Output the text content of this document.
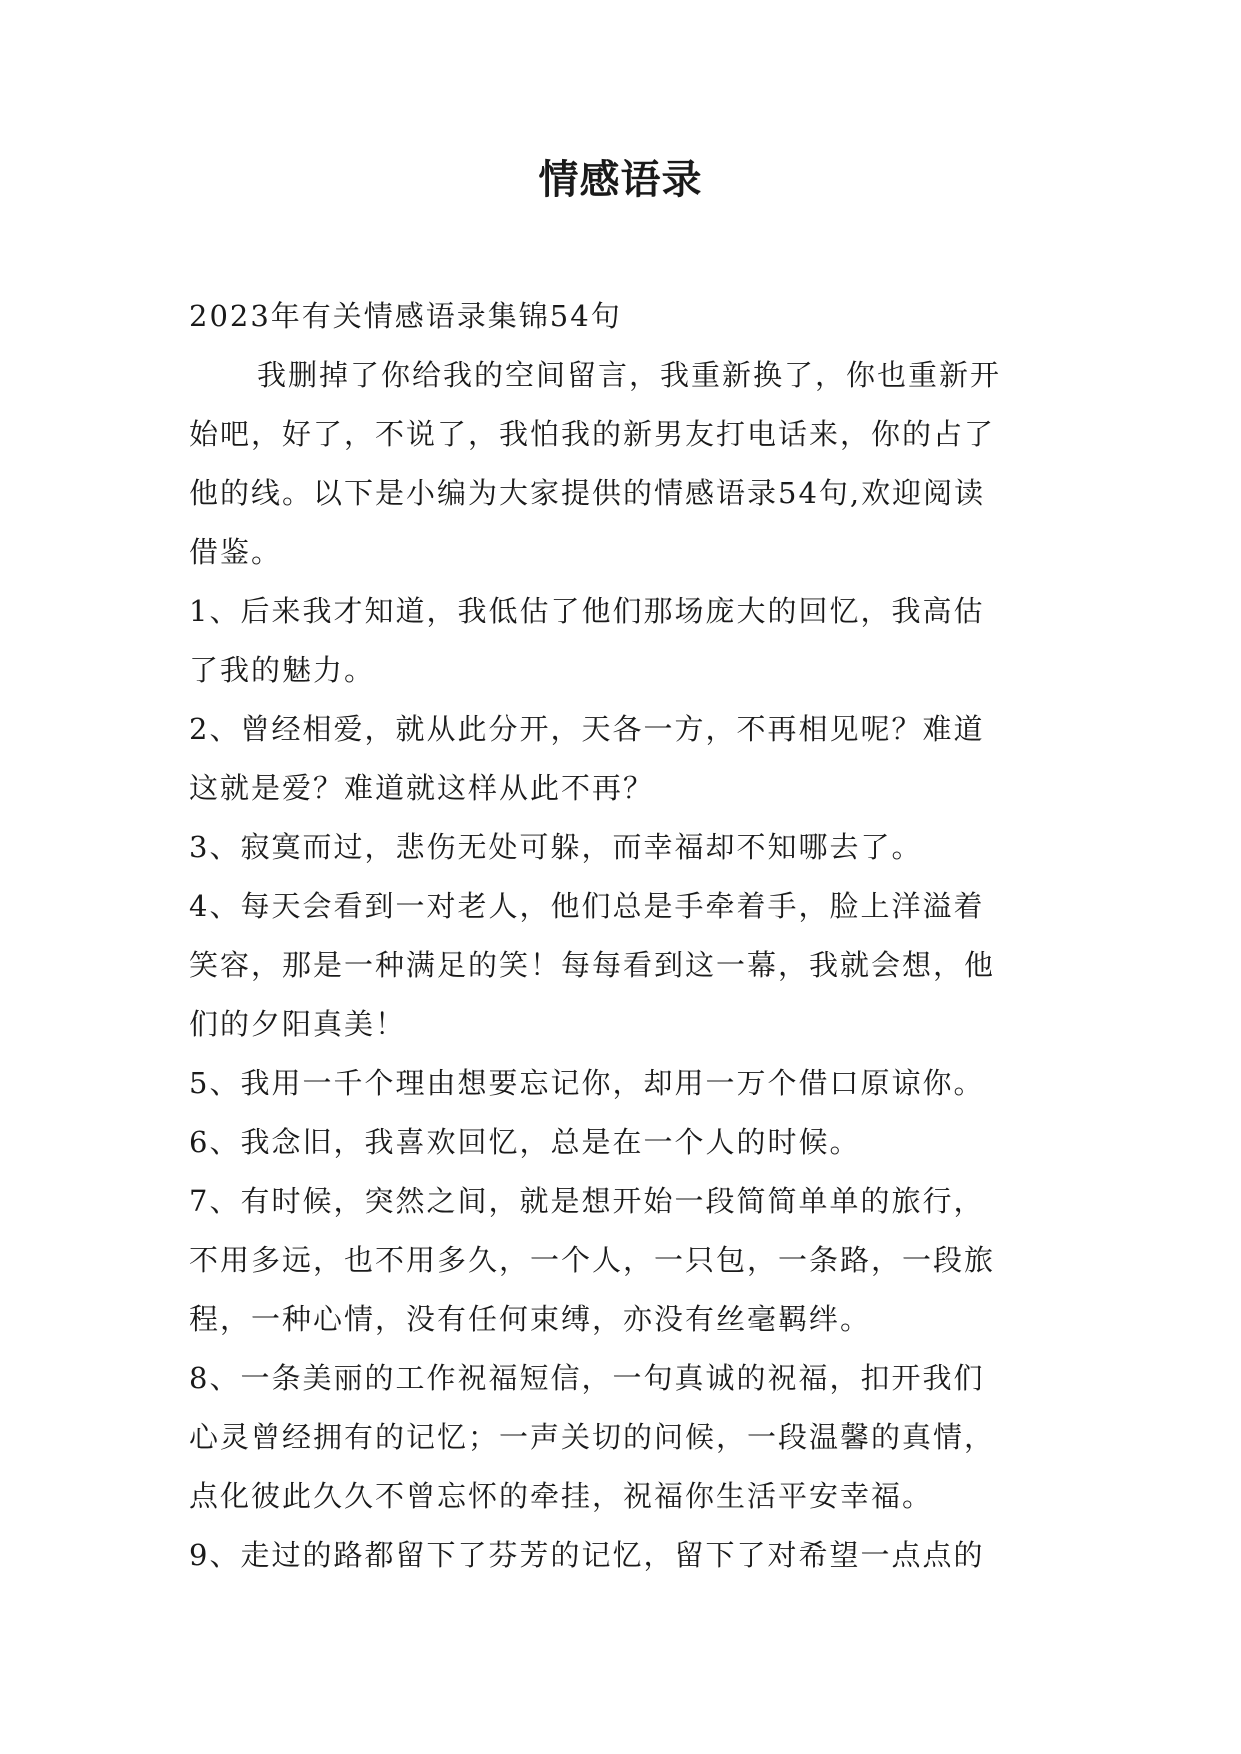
情感语录
2023年有关情感语录集锦54句
我删掉了你给我的空间留言，我重新换了，你也重新开
始吧，好了，不说了，我怕我的新男友打电话来，你的占了
他的线。以下是小编为大家提供的情感语录54句,欢迎阅读
借鉴。
1、后来我才知道，我低估了他们那场庞大的回忆，我高估
了我的魅力。
2、曾经相爱，就从此分开，天各一方，不再相见呢？难道
这就是爱？难道就这样从此不再？
3、寂寞而过，悲伤无处可躲，而幸福却不知哪去了。
4、每天会看到一对老人，他们总是手牵着手，脸上洋溢着
笑容，那是一种满足的笑！每每看到这一幕，我就会想，他
们的夕阳真美！
5、我用一千个理由想要忘记你，却用一万个借口原谅你。
6、我念旧，我喜欢回忆，总是在一个人的时候。
7、有时候，突然之间，就是想开始一段简简单单的旅行，
不用多远，也不用多久，一个人，一只包，一条路，一段旅
程，一种心情，没有任何束缚，亦没有丝毫羁绊。
8、一条美丽的工作祝福短信，一句真诚的祝福，扣开我们
心灵曾经拥有的记忆；一声关切的问候，一段温馨的真情，
点化彼此久久不曾忘怀的牵挂，祝福你生活平安幸福。
9、走过的路都留下了芬芳的记忆，留下了对希望一点点的
